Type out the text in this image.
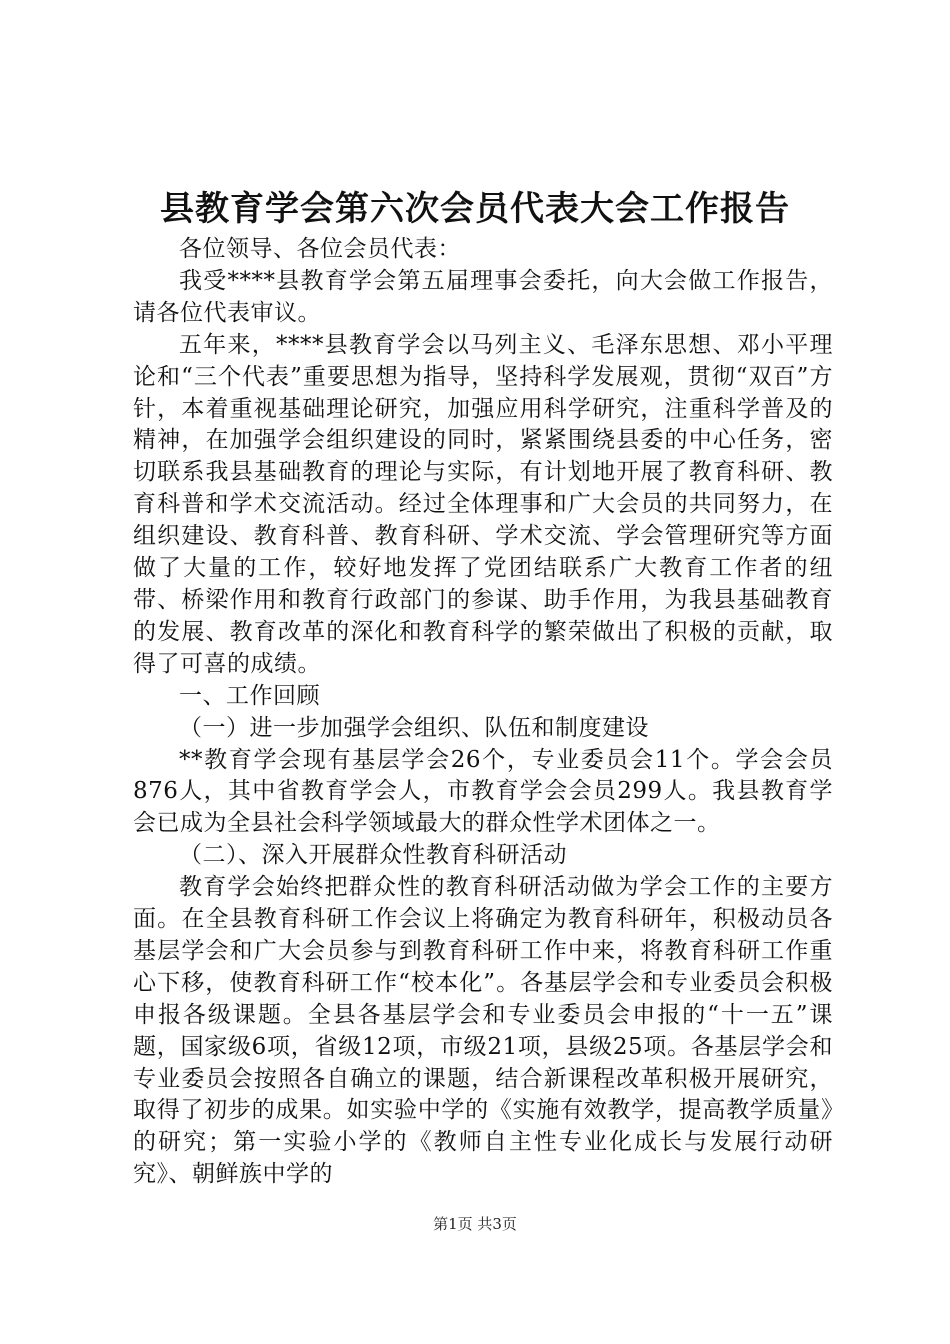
县教育学会第六次会员代表大会工作报告

各位领导、各位会员代表：

我受****县教育学会第五届理事会委托，向大会做工作报告，请各位代表审议。

五年来，****县教育学会以马列主义、毛泽东思想、邓小平理论和“三个代表”重要思想为指导，坚持科学发展观，贯彻“双百”方针，本着重视基础理论研究，加强应用科学研究，注重科学普及的精神，在加强学会组织建设的同时，紧紧围绕县委的中心任务，密切联系我县基础教育的理论与实际，有计划地开展了教育科研、教育科普和学术交流活动。经过全体理事和广大会员的共同努力，在组织建设、教育科普、教育科研、学术交流、学会管理研究等方面做了大量的工作，较好地发挥了党团结联系广大教育工作者的纽带、桥梁作用和教育行政部门的参谋、助手作用，为我县基础教育的发展、教育改革的深化和教育科学的繁荣做出了积极的贡献，取得了可喜的成绩。

一、工作回顾

（一）进一步加强学会组织、队伍和制度建设

**教育学会现有基层学会26个，专业委员会11个。学会会员876人，其中省教育学会人，市教育学会会员299人。我县教育学会已成为全县社会科学领域最大的群众性学术团体之一。

（二）、深入开展群众性教育科研活动

教育学会始终把群众性的教育科研活动做为学会工作的主要方面。在全县教育科研工作会议上将确定为教育科研年，积极动员各基层学会和广大会员参与到教育科研工作中来，将教育科研工作重心下移，使教育科研工作“校本化”。各基层学会和专业委员会积极申报各级课题。全县各基层学会和专业委员会申报的“十一五”课题，国家级6项，省级12项，市级21项，县级25项。各基层学会和专业委员会按照各自确立的课题，结合新课程改革积极开展研究，取得了初步的成果。如实验中学的《实施有效教学，提高教学质量》的研究；第一实验小学的《教师自主性专业化成长与发展行动研究》、朝鲜族中学的

第1页 共3页
